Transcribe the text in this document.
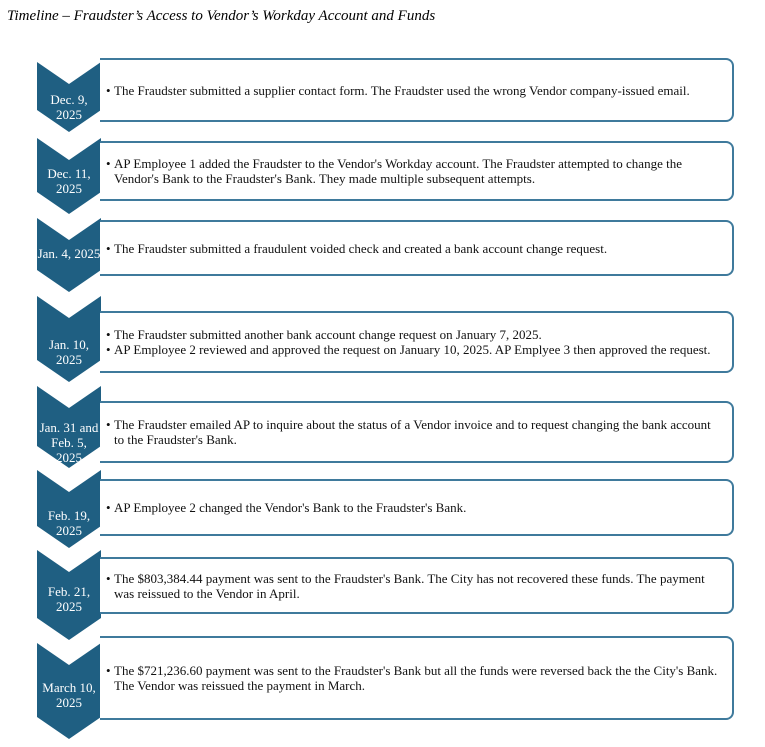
Timeline – Fraudster’s Access to Vendor’s Workday Account and Funds
Dec. 9, 2025

• The Fraudster submitted a supplier contact form. The Fraudster used the wrong Vendor company-issued email.

Dec. 11, 2025

• AP Employee 1 added the Fraudster to the Vendor's Workday account. The Fraudster attempted to change the Vendor's Bank to the Fraudster's Bank. They made multiple subsequent attempts.

Jan. 4, 2025	• The Fraudster submitted a fraudulent voided check and created a bank account change request.

Jan. 10, 2025

• The Fraudster submitted another bank account change request on January 7, 2025.

• AP Employee 2 reviewed and approved the request on January 10, 2025. AP Emplyee 3 then approved the request.

Jan. 31 and Feb. 5, 2025

• The Fraudster emailed AP to inquire about the status of a Vendor invoice and to request changing the bank account to the Fraudster's Bank.

Feb. 19, 2025

• AP Employee 2 changed the Vendor's Bank to the Fraudster's Bank.

Feb. 21, 2025

• The $803,384.44 payment was sent to the Fraudster's Bank. The City has not recovered these funds. The payment was reissued to the Vendor in April.

March 10, 2025

• The $721,236.60 payment was sent to the Fraudster's Bank but all the funds were reversed back the the City's Bank. The Vendor was reissued the payment in March.
